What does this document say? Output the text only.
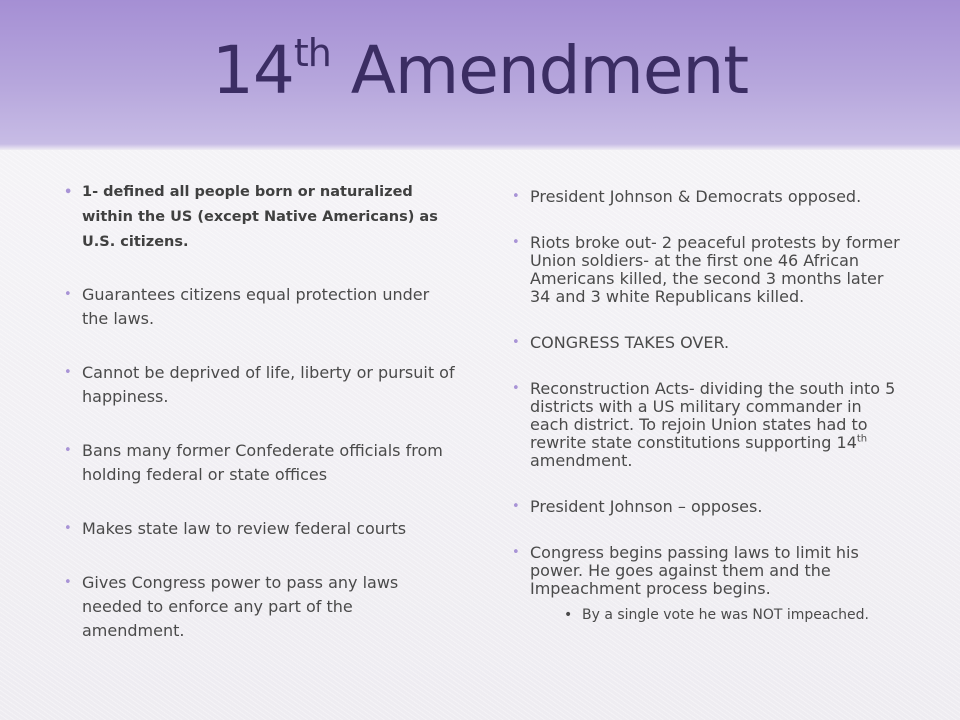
14th Amendment
• 1- defined all people born or naturalized within the US (except Native Americans) as U.S. citizens.
• Guarantees citizens equal protection under the laws.
• Cannot be deprived of life, liberty or pursuit of happiness.
• Bans many former Confederate officials from holding federal or state offices
• Makes state law to review federal courts
• Gives Congress power to pass any laws needed to enforce any part of the amendment.
• President Johnson & Democrats opposed.
• Riots broke out- 2 peaceful protests by former Union soldiers- at the first one 46 African Americans killed, the second 3 months later 34 and 3 white Republicans killed.
• CONGRESS TAKES OVER.
• Reconstruction Acts- dividing the south into 5 districts with a US military commander in each district. To rejoin Union states had to rewrite state constitutions supporting 14th amendment.
• President Johnson – opposes.
• Congress begins passing laws to limit his power. He goes against them and the Impeachment process begins.
• By a single vote he was NOT impeached.
